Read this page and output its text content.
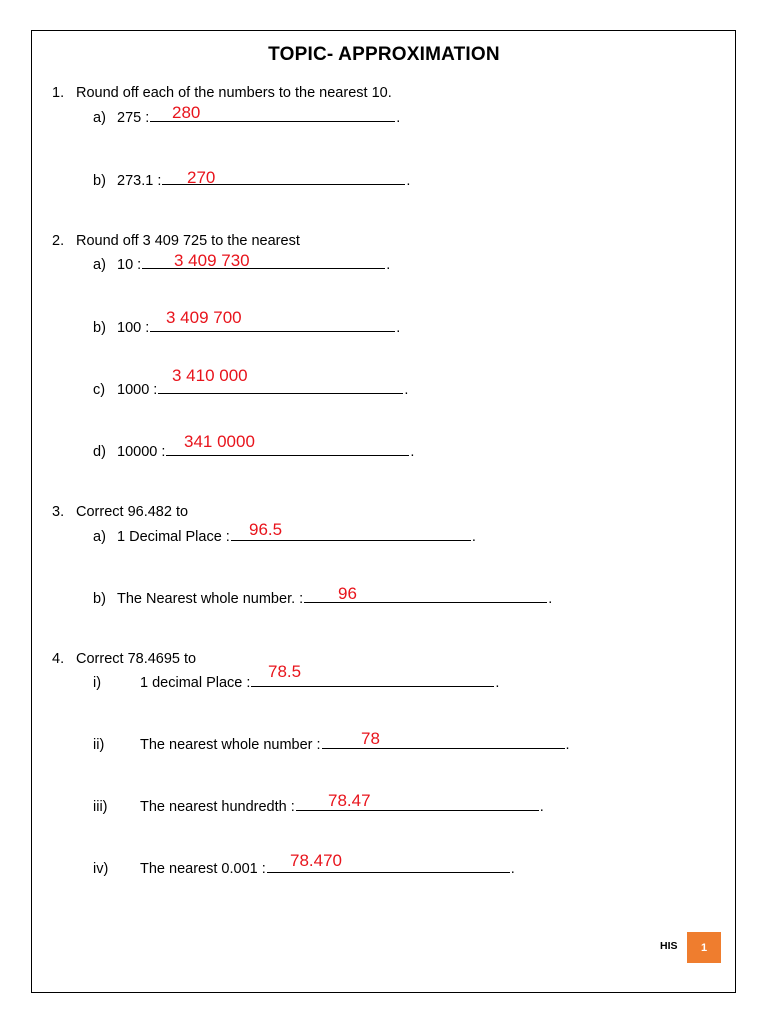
TOPIC- APPROXIMATION
1. Round off each of the numbers to the nearest 10.
a) 275 :	.
280
b) 273.1 :	.
270
2. Round off 3 409 725 to the nearest
a) 10 :	.
3 409 730
b) 100 :	.
3 409 700
c) 1000 :	.
3 410 000
d) 10000 :	.
341 0000
3. Correct 96.482 to
a) 1 Decimal Place :	.
96.5
b) The Nearest whole number. :	.
96
4. Correct 78.4695 to
i)	1 decimal Place :	.
78.5
ii) The nearest whole number :	.
78
iii) The nearest hundredth :	.
78.47
iv) The nearest 0.001 :	.
78.470
HIS 1
